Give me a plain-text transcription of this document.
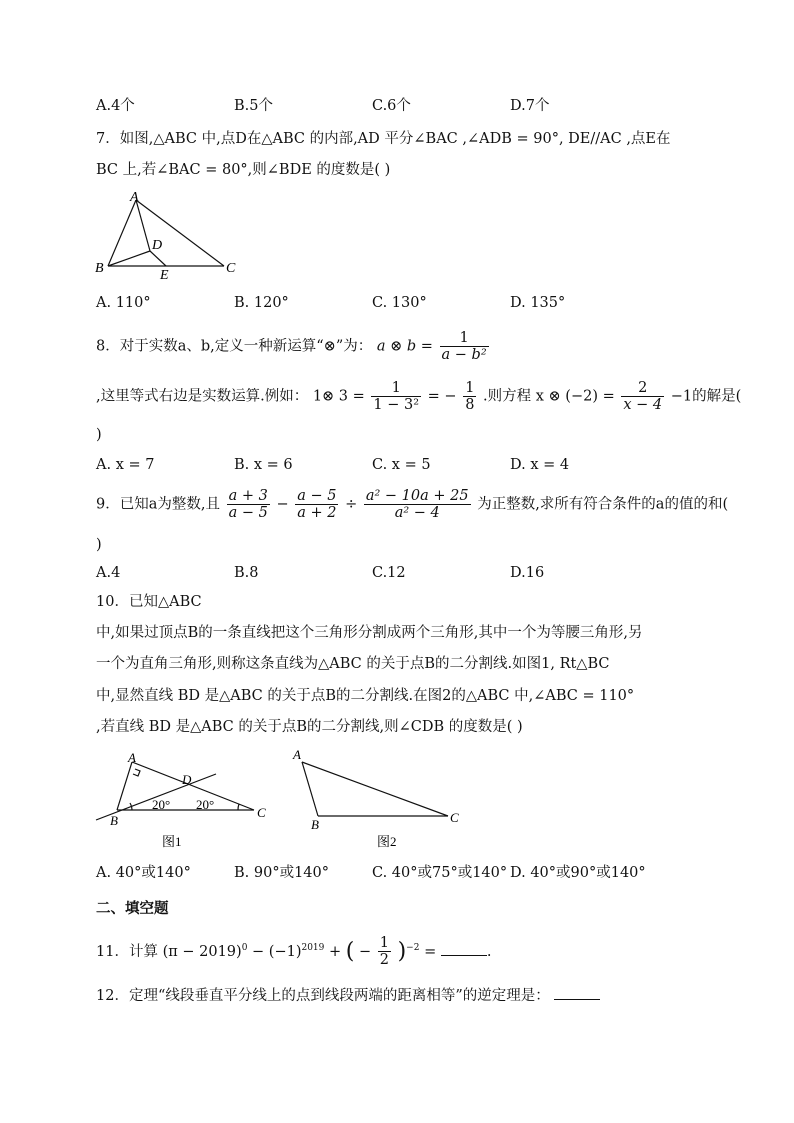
A.4个	B.5个	C.6个	D.7个
7．如图,△ABC 中,点D在△ABC 的内部,AD 平分∠BAC ,∠ADB = 90°, DE//AC ,点E在
BC 上,若∠BAC = 80°,则∠BDE 的度数是( )
A
B	C
D
E
A. 110°	B. 120°	C. 130°	D. 135°
8．对于实数a、b,定义一种新运算“⊗”为： a ⊗ $b = \frac{1}{\text{a − b²}}$
,这里等式右边是实数运算.例如： 1⊗ $3 = \frac{1}{\text{1 − 3²}}$ = − $\frac{1}{8}$ .则方程 x ⊗ $(-2) = \frac{2}{x - 4} -1$的解是(
)
A. x = 7	B. x = 6	C. x = 5	D. x = 4
9．已知a为整数,且 $\frac{a + 3}{a - 5} - \frac{a - 5}{a + 2} \div \frac{\text{a² − 10a + 25}}{\text{a² − 4}}$ 为正整数,求所有符合条件的a的值的和(
)
A.4	B.8	C.12	D.16
10．已知△ABC
中,如果过顶点B的一条直线把这个三角形分割成两个三角形,其中一个为等腰三角形,另
一个为直角三角形,则称这条直线为△ABC 的关于点B的二分割线.如图1, Rt△BC
中,显然直线 BD 是△ABC 的关于点B的二分割线.在图2的△ABC 中,∠ABC = 110°
,若直线 BD 是△ABC 的关于点B的二分割线,则∠CDB 的度数是( )
A
B
C
D
20° 20°
图1
A
B	C
图2
A. 40°或140°	B. 90°或140°	C. 40°或75°或140° D. 40°或90°或140°
二、填空题
11．计算 $(\pi - 2019)^0 - (-1)^{2019}$ + ( − $\frac{1}{2} )^{-2}$ =	.
12．定理“线段垂直平分线上的点到线段两端的距离相等”的逆定理是：
